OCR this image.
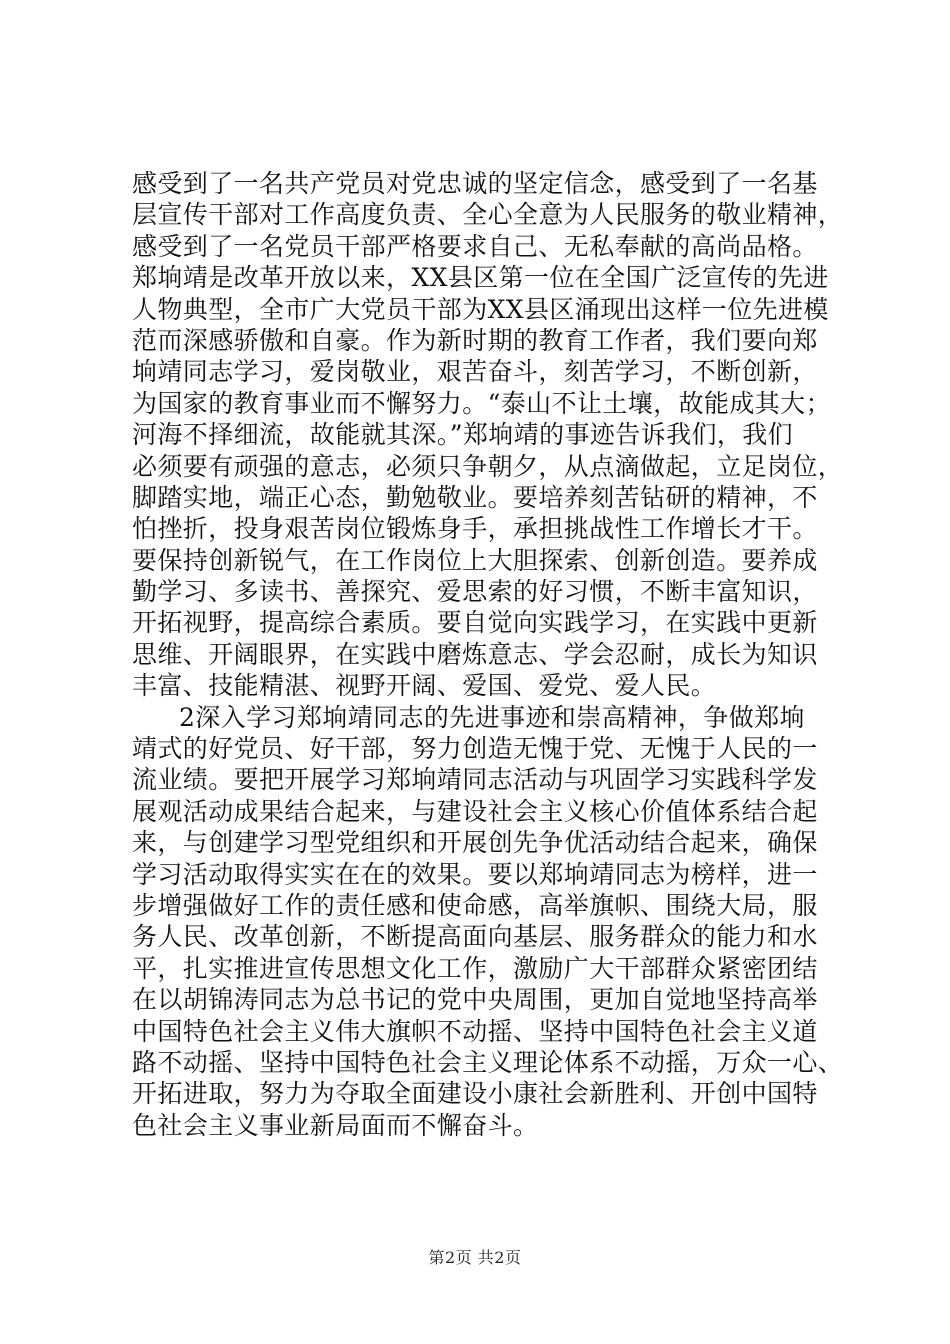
感受到了一名共产党员对党忠诚的坚定信念，感受到了一名基
层宣传干部对工作高度负责、全心全意为人民服务的敬业精神，
感受到了一名党员干部严格要求自己、无私奉献的高尚品格。
郑垧靖是改革开放以来，XX县区第一位在全国广泛宣传的先进
人物典型，全市广大党员干部为XX县区涌现出这样一位先进模
范而深感骄傲和自豪。作为新时期的教育工作者，我们要向郑
垧靖同志学习，爱岗敬业，艰苦奋斗，刻苦学习，不断创新，
为国家的教育事业而不懈努力。“泰山不让土壤，故能成其大；
河海不择细流，故能就其深。”郑垧靖的事迹告诉我们，我们
必须要有顽强的意志，必须只争朝夕，从点滴做起，立足岗位，
脚踏实地，端正心态，勤勉敬业。要培养刻苦钻研的精神，不
怕挫折，投身艰苦岗位锻炼身手，承担挑战性工作增长才干。
要保持创新锐气，在工作岗位上大胆探索、创新创造。要养成
勤学习、多读书、善探究、爱思索的好习惯，不断丰富知识，
开拓视野，提高综合素质。要自觉向实践学习，在实践中更新
思维、开阔眼界，在实践中磨炼意志、学会忍耐，成长为知识
丰富、技能精湛、视野开阔、爱国、爱党、爱人民。
2深入学习郑垧靖同志的先进事迹和崇高精神，争做郑垧
靖式的好党员、好干部，努力创造无愧于党、无愧于人民的一
流业绩。要把开展学习郑垧靖同志活动与巩固学习实践科学发
展观活动成果结合起来，与建设社会主义核心价值体系结合起
来，与创建学习型党组织和开展创先争优活动结合起来，确保
学习活动取得实实在在的效果。要以郑垧靖同志为榜样，进一
步增强做好工作的责任感和使命感，高举旗帜、围绕大局，服
务人民、改革创新，不断提高面向基层、服务群众的能力和水
平，扎实推进宣传思想文化工作，激励广大干部群众紧密团结
在以胡锦涛同志为总书记的党中央周围，更加自觉地坚持高举
中国特色社会主义伟大旗帜不动摇、坚持中国特色社会主义道
路不动摇、坚持中国特色社会主义理论体系不动摇，万众一心、
开拓进取，努力为夺取全面建设小康社会新胜利、开创中国特
色社会主义事业新局面而不懈奋斗。
第2页 共2页
